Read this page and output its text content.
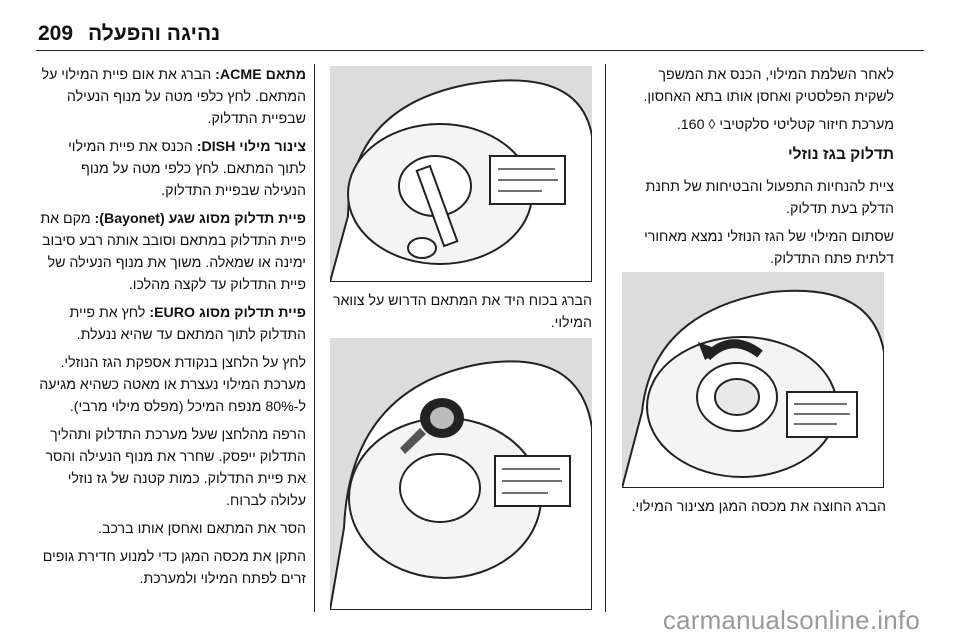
209 נהיגה והפעלה

לאחר השלמת המילוי, הכנס את המשפך לשקית הפלסטיק ואחסן אותו בתא האחסון.

מערכת חיזור קטליטי סלקטיבי ◊ 160.

תדלוק בגז נוזלי

ציית להנחיות התפעול והבטיחות של תחנת הדלק בעת תדלוק.

שסתום המילוי של הגז הנוזלי נמצא מאחורי דלתית פתח התדלוק.

הברג החוצה את מכסה המגן מצינור המילוי.
הברג בכוח היד את המתאם הדרוש על צוואר המילוי.

מתאם ACME: הברג את אום פיית המילוי על המתאם. לחץ כלפי מטה על מנוף הנעילה שבפיית התדלוק.

צינור מילוי DISH: הכנס את פיית המילוי לתוך המתאם. לחץ כלפי מטה על מנוף הנעילה שבפיית התדלוק.

פיית תדלוק מסוג שגע (Bayonet): מקם את פיית התדלוק במתאם וסובב אותה רבע סיבוב ימינה או שמאלה. משוך את מנוף הנעילה של פיית התדלוק עד לקצה מהלכו.

פיית תדלוק מסוג EURO: לחץ את פיית התדלוק לתוך המתאם עד שהיא ננעלת.

לחץ על הלחצן בנקודת אספקת הגז הנוזלי. מערכת המילוי נעצרת או מאטה כשהיא מגיעה ל-80% מנפח המיכל (מפלס מילוי מרבי).

הרפה מהלחצן שעל מערכת התדלוק ותהליך התדלוק ייפסק. שחרר את מנוף הנעילה והסר את פיית התדלוק. כמות קטנה של גז נוזלי עלולה לברוח.

הסר את המתאם ואחסן אותו ברכב.

התקן את מכסה המגן כדי למנוע חדירת גופים זרים לפתח המילוי ולמערכת.

carmanualsonline.info
